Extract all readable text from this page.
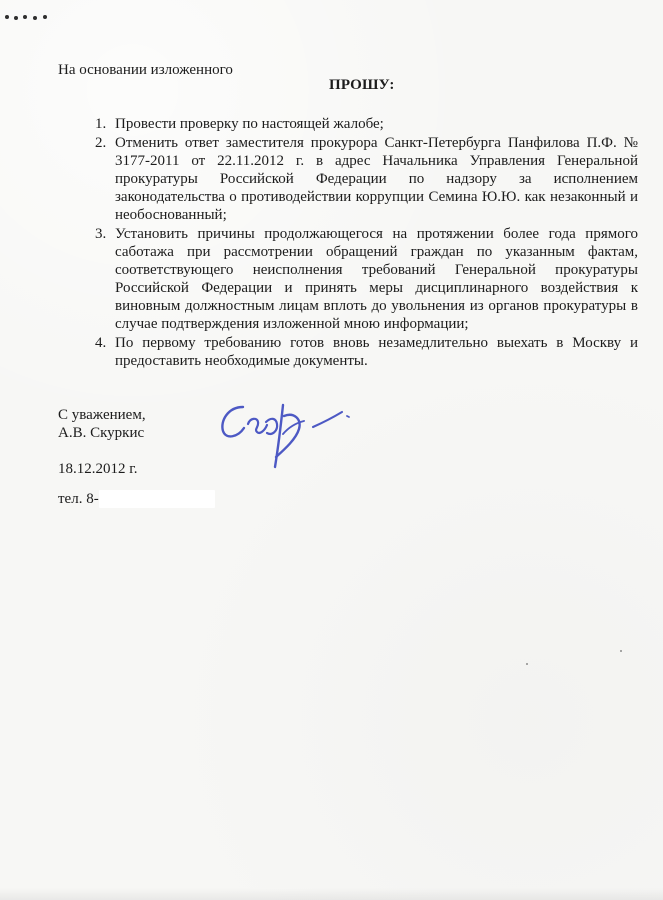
На основании изложенного
ПРОШУ:
1. Провести проверку по настоящей жалобе;
2. Отменить ответ заместителя прокурора Санкт-Петербурга Панфилова П.Ф. № 3177-2011 от 22.11.2012 г. в адрес Начальника Управления Генеральной прокуратуры Российской Федерации по надзору за исполнением законодательства о противодействии коррупции Семина Ю.Ю. как незаконный и необоснованный;
3. Установить причины продолжающегося на протяжении более года прямого саботажа при рассмотрении обращений граждан по указанным фактам, соответствующего неисполнения требований Генеральной прокуратуры Российской Федерации и принять меры дисциплинарного воздействия к виновным должностным лицам вплоть до увольнения из органов прокуратуры в случае подтверждения изложенной мною информации;
4. По первому требованию готов вновь незамедлительно выехать в Москву и предоставить необходимые документы.
С уважением,
А.В. Скуркис
18.12.2012 г.
тел. 8-
